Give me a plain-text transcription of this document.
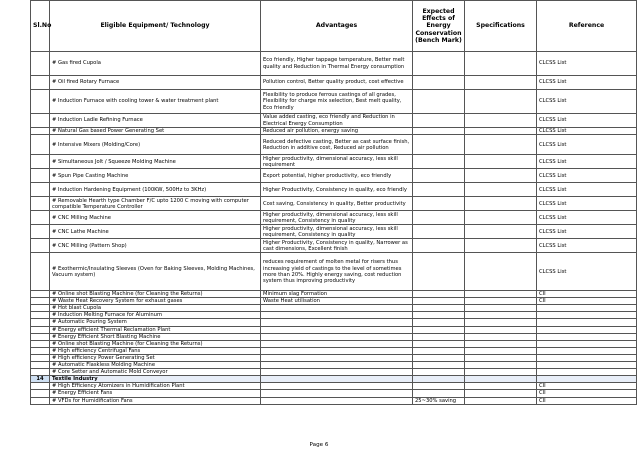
Sl.No	Eligible Equipment/ Technology	Advantages	Expected Effects of Energy Conservation (Bench Mark)	Specifications	Reference
	# Gas fired Cupola	Eco friendly, Higher tappage temperature, Better melt quality and Reduction in Thermal Energy consumption			CLCSS List
	# Oil fired Rotary Furnace	Pollution control, Better quality product, cost effective			CLCSS List
	# Induction Furnace with cooling tower & water treatment plant	Flexibility to produce ferrous castings of all grades, Flexibility for charge mix selection, Best melt quality, Eco friendly			CLCSS List
	# Induction Ladle Refining Furnace	Value added casting, eco friendly and Reduction in Electrical Energy Consumption			CLCSS List
	# Natural Gas based Power Generating Set	Reduced air pollution, energy saving			CLCSS List
	# Intensive Mixers (Molding/Core)	Reduced defective casting, Better as cast surface finish, Reduction in additive cost, Reduced air pollution			CLCSS List
	# Simultaneous Jolt / Squeeze Molding Machine	Higher productivity, dimensional accuracy, less skill requirement			CLCSS List
	# Spun Pipe Casting Machine	Export potential, higher productivity, eco friendly			CLCSS List
	# Induction Hardening Equipment (100KW, 500Hz to 3KHz)	Higher Productivity, Consistency in quality, eco friendly			CLCSS List
	# Removable Hearth type Chamber F/C upto 1200 C moving with computer compatible Temperature Controller	Cost saving, Consistency in quality, Better productivity			CLCSS List
	# CNC Milling Machine	Higher productivity, dimensional accuracy, less skill requirement, Consistency in quality			CLCSS List
	# CNC Lathe Machine	Higher productivity, dimensional accuracy, less skill requirement, Consistency in quality			CLCSS List
	# CNC Milling (Pattern Shop)	Higher Productivity, Consistency in quality, Narrower as cast dimensions, Excellent finish			CLCSS List
	# Exothermic/Insulating Sleeves (Oven for Baking Sleeves, Molding Machines, Vacuum system)	reduces requirement of molten metal for risers thus increasing yield of castings to the level of sometimes more than 20%. Highly energy saving, cost reduction system thus improving productivity			CLCSS List
	# Online shot Blasting Machine (for Cleaning the Returns)	Minimum slag Formation			CII
	# Waste Heat Recovery System for exhaust gases	Waste Heat utilisation			CII
	# Hot blast Cupola				
	# Induction Melting Furnace for Aluminum				
	# Automatic Pouring System				
	# Energy efficient Thermal Reclamation Plant				
	# Energy Efficient Short Blasting Machine				
	# Online shot Blasting Machine (for Cleaning the Returns)				
	# High efficiency Centrifugal Fans				
	# High efficiency Power Generating Set				
	# Automatic Flaskless Molding Machine				
	# Core Setter and Automatic Mold Conveyor				
14	Textile Industry				
	# High Efficiency Atomizers in Humidification Plant				CII
	# Energy Efficient Fans				CII
	# VFDs for Humidification Fans		25~30% saving		CII
Page 6
